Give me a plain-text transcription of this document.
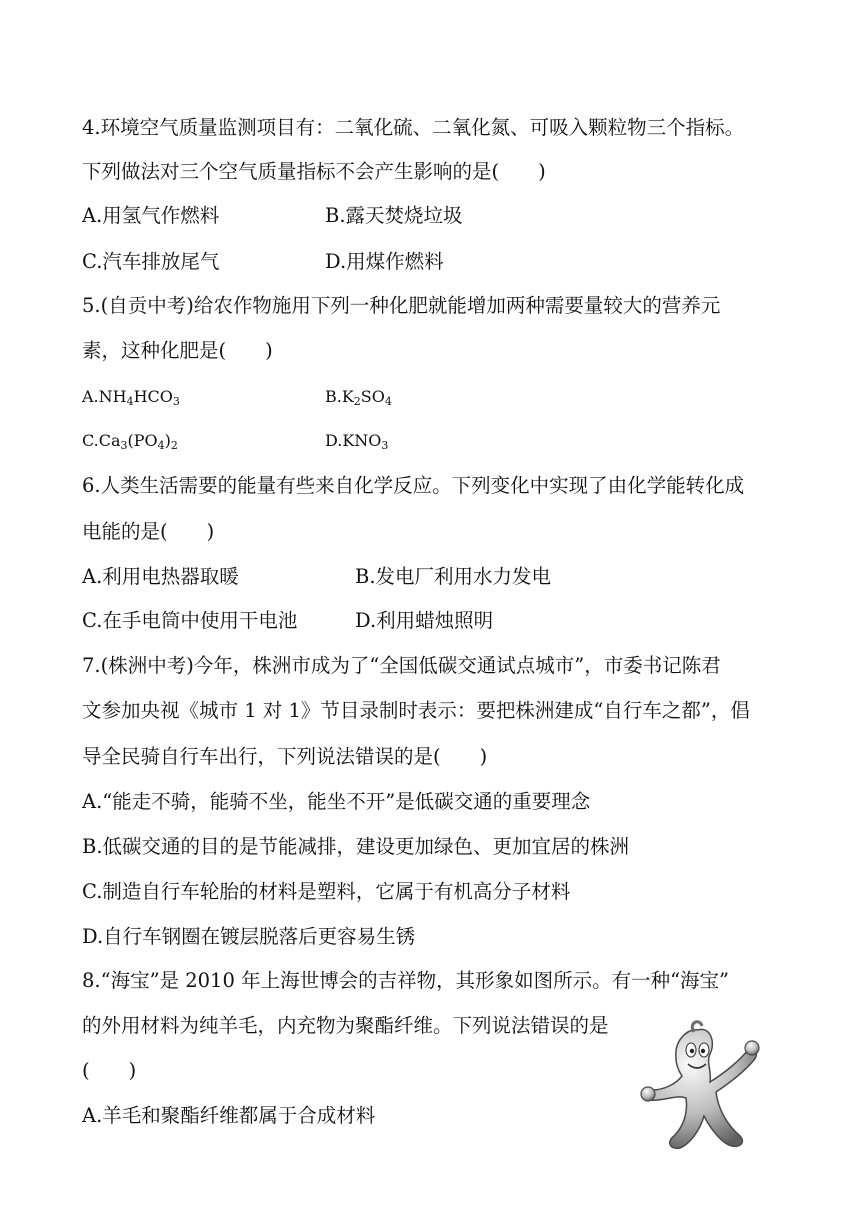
4.环境空气质量监测项目有：二氧化硫、二氧化氮、可吸入颗粒物三个指标。
下列做法对三个空气质量指标不会产生影响的是(　　)
A.用氢气作燃料	B.露天焚烧垃圾
C.汽车排放尾气	D.用煤作燃料
5.(自贡中考)给农作物施用下列一种化肥就能增加两种需要量较大的营养元
素，这种化肥是(　　)
$A.NH_4HCO_3$	$B.K_2SO_4$
$C.Ca_3(PO_4)_2$	$D.KNO_3$
6.人类生活需要的能量有些来自化学反应。下列变化中实现了由化学能转化成
电能的是(　　)
A.利用电热器取暖	B.发电厂利用水力发电
C.在手电筒中使用干电池	D.利用蜡烛照明
7.(株洲中考)今年，株洲市成为了“全国低碳交通试点城市”，市委书记陈君
文参加央视《城市 1 对 1》节目录制时表示：要把株洲建成“自行车之都”，倡
导全民骑自行车出行，下列说法错误的是(　　)
A.“能走不骑，能骑不坐，能坐不开”是低碳交通的重要理念
B.低碳交通的目的是节能减排，建设更加绿色、更加宜居的株洲
C.制造自行车轮胎的材料是塑料，它属于有机高分子材料
D.自行车钢圈在镀层脱落后更容易生锈
8.“海宝”是 2010 年上海世博会的吉祥物，其形象如图所示。有一种“海宝”
的外用材料为纯羊毛，内充物为聚酯纤维。下列说法错误的是
(　　)
A.羊毛和聚酯纤维都属于合成材料
